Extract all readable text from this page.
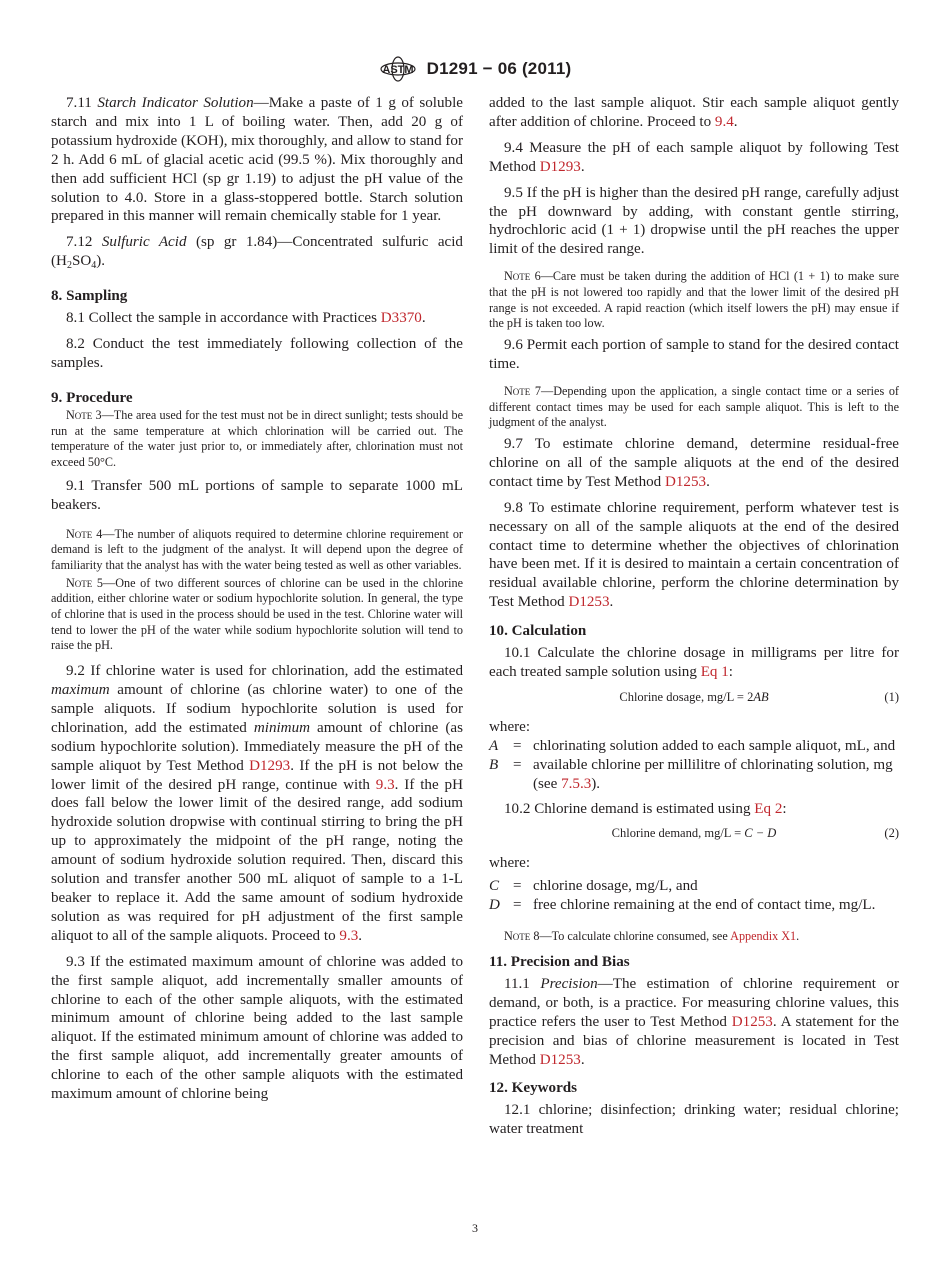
ASTM D1291 − 06 (2011)

7.11 Starch Indicator Solution—Make a paste of 1 g of soluble starch and mix into 1 L of boiling water. Then, add 20 g of potassium hydroxide (KOH), mix thoroughly, and allow to stand for 2 h. Add 6 mL of glacial acetic acid (99.5 %). Mix thoroughly and then add sufficient HCl (sp gr 1.19) to adjust the pH value of the solution to 4.0. Store in a glass-stoppered bottle. Starch solution prepared in this manner will remain chemically stable for 1 year.

7.12 Sulfuric Acid (sp gr 1.84)—Concentrated sulfuric acid $(H_2SO_4)$.

8. Sampling

8.1 Collect the sample in accordance with Practices D3370.

8.2 Conduct the test immediately following collection of the samples.

9. Procedure

Note 3—The area used for the test must not be in direct sunlight; tests should be run at the same temperature at which chlorination will be carried out. The temperature of the water just prior to, or immediately after, chlorination must not exceed 50°C.

9.1 Transfer 500 mL portions of sample to separate 1000 mL beakers.

Note 4—The number of aliquots required to determine chlorine requirement or demand is left to the judgment of the analyst. It will depend upon the degree of familiarity that the analyst has with the water being tested as well as other variables.

Note 5—One of two different sources of chlorine can be used in the chlorine addition, either chlorine water or sodium hypochlorite solution. In general, the type of chlorine that is used in the process should be used in the test. Chlorine water will tend to lower the pH of the water while sodium hypochlorite solution will tend to raise the pH.

9.2 If chlorine water is used for chlorination, add the estimated maximum amount of chlorine (as chlorine water) to one of the sample aliquots. If sodium hypochlorite solution is used for chlorination, add the estimated minimum amount of chlorine (as sodium hypochlorite solution). Immediately measure the pH of the sample aliquot by Test Method D1293. If the pH is not below the lower limit of the desired pH range, continue with 9.3. If the pH does fall below the lower limit of the desired range, add sodium hydroxide solution dropwise with continual stirring to bring the pH up to approximately the midpoint of the pH range, noting the amount of sodium hydroxide solution required. Then, discard this solution and transfer another 500 mL aliquot of sample to a 1-L beaker to replace it. Add the same amount of sodium hydroxide solution as was required for pH adjustment of the first sample aliquot to all of the sample aliquots. Proceed to 9.3.

9.3 If the estimated maximum amount of chlorine was added to the first sample aliquot, add incrementally smaller amounts of chlorine to each of the other sample aliquots, with the estimated minimum amount of chlorine being added to the last sample aliquot. If the estimated minimum amount of chlorine was added to the first sample aliquot, add incrementally greater amounts of chlorine to each of the other sample aliquots with the estimated maximum amount of chlorine being

added to the last sample aliquot. Stir each sample aliquot gently after addition of chlorine. Proceed to 9.4.

9.4 Measure the pH of each sample aliquot by following Test Method D1293.

9.5 If the pH is higher than the desired pH range, carefully adjust the pH downward by adding, with constant gentle stirring, hydrochloric acid (1 + 1) dropwise until the pH reaches the upper limit of the desired range.

Note 6—Care must be taken during the addition of HCl (1 + 1) to make sure that the pH is not lowered too rapidly and that the lower limit of the desired pH range is not exceeded. A rapid reaction (which itself lowers the pH) may ensue if the pH is taken too low.

9.6 Permit each portion of sample to stand for the desired contact time.

Note 7—Depending upon the application, a single contact time or a series of different contact times may be used for each sample aliquot. This is left to the judgment of the analyst.

9.7 To estimate chlorine demand, determine residual-free chlorine on all of the sample aliquots at the end of the desired contact time by Test Method D1253.

9.8 To estimate chlorine requirement, perform whatever test is necessary on all of the sample aliquots at the end of the desired contact time to determine whether the objectives of chlorination have been met. If it is desired to maintain a certain concentration of residual available chlorine, perform the chlorine determination by Test Method D1253.

10. Calculation

10.1 Calculate the chlorine dosage in milligrams per litre for each treated sample solution using Eq 1:

Chlorine dosage, mg/L = 2AB	(1)
where:
A = chlorinating solution added to each sample aliquot, mL, and
B = available chlorine per millilitre of chlorinating solution, mg (see 7.5.3).

10.2 Chlorine demand is estimated using Eq 2:

Chlorine demand, mg/L = C − D	(2)
where:
C = chlorine dosage, mg/L, and
D = free chlorine remaining at the end of contact time, mg/L.

Note 8—To calculate chlorine consumed, see Appendix X1.

11. Precision and Bias

11.1 Precision—The estimation of chlorine requirement or demand, or both, is a practice. For measuring chlorine values, this practice refers the user to Test Method D1253. A statement for the precision and bias of chlorine measurement is located in Test Method D1253.

12. Keywords

12.1 chlorine; disinfection; drinking water; residual chlorine; water treatment

3
